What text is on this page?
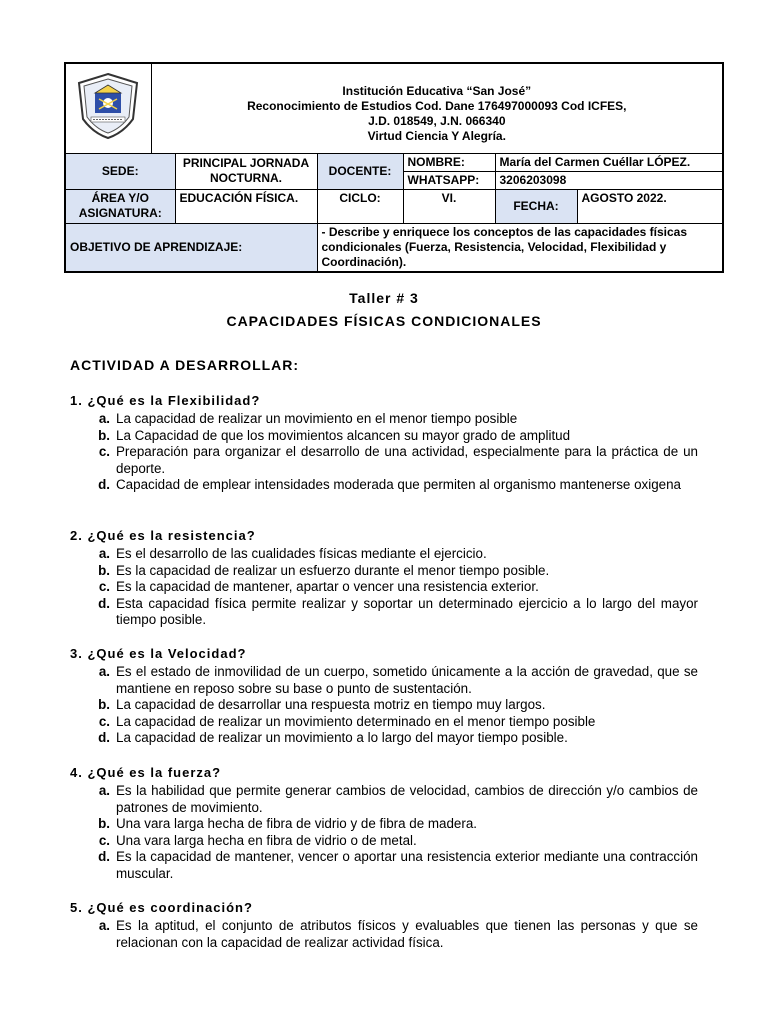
Institución Educativa “San José”
Reconocimiento de Estudios Cod. Dane 176497000093 Cod ICFES,
J.D. 018549, J.N. 066340
Virtud Ciencia Y Alegría.					

SEDE:		PRINCIPAL JORNADA NOCTURNA.	DOCENTE:	NOMBRE:	María del Carmen Cuéllar LÓPEZ.	
				WHATSAPP:	3206203098	
ÁREA Y/O ASIGNATURA:		EDUCACIÓN FÍSICA.	CICLO:	VI.	FECHA:	AGOSTO 2022.
OBJETIVO DE APRENDIZAJE:			- Describe y enriquece los conceptos de las capacidades físicas condicionales (Fuerza, Resistencia, Velocidad, Flexibilidad y Coordinación).			
Taller # 3
CAPACIDADES FÍSICAS CONDICIONALES
ACTIVIDAD A DESARROLLAR:
1. ¿Qué es la Flexibilidad?
a. La capacidad de realizar un movimiento en el menor tiempo posible
b. La Capacidad de que los movimientos alcancen su mayor grado de amplitud
c. Preparación para organizar el desarrollo de una actividad, especialmente para la práctica de un deporte.
d. Capacidad de emplear intensidades moderada que permiten al organismo mantenerse oxigena
2. ¿Qué es la resistencia?
a. Es el desarrollo de las cualidades físicas mediante el ejercicio.
b. Es la capacidad de realizar un esfuerzo durante el menor tiempo posible.
c. Es la capacidad de mantener, apartar o vencer una resistencia exterior.
d. Esta capacidad física permite realizar y soportar un determinado ejercicio a lo largo del mayor tiempo posible.
3. ¿Qué es la Velocidad?
a. Es el estado de inmovilidad de un cuerpo, sometido únicamente a la acción de gravedad, que se mantiene en reposo sobre su base o punto de sustentación.
b. La capacidad de desarrollar una respuesta motriz en tiempo muy largos.
c. La capacidad de realizar un movimiento determinado en el menor tiempo posible
d. La capacidad de realizar un movimiento a lo largo del mayor tiempo posible.
4. ¿Qué es la fuerza?
a. Es la habilidad que permite generar cambios de velocidad, cambios de dirección y/o cambios de patrones de movimiento.
b. Una vara larga hecha de fibra de vidrio y de fibra de madera.
c. Una vara larga hecha en fibra de vidrio o de metal.
d. Es la capacidad de mantener, vencer o aportar una resistencia exterior mediante una contracción muscular.
5. ¿Qué es coordinación?
a. Es la aptitud, el conjunto de atributos físicos y evaluables que tienen las personas y que se relacionan con la capacidad de realizar actividad física.
